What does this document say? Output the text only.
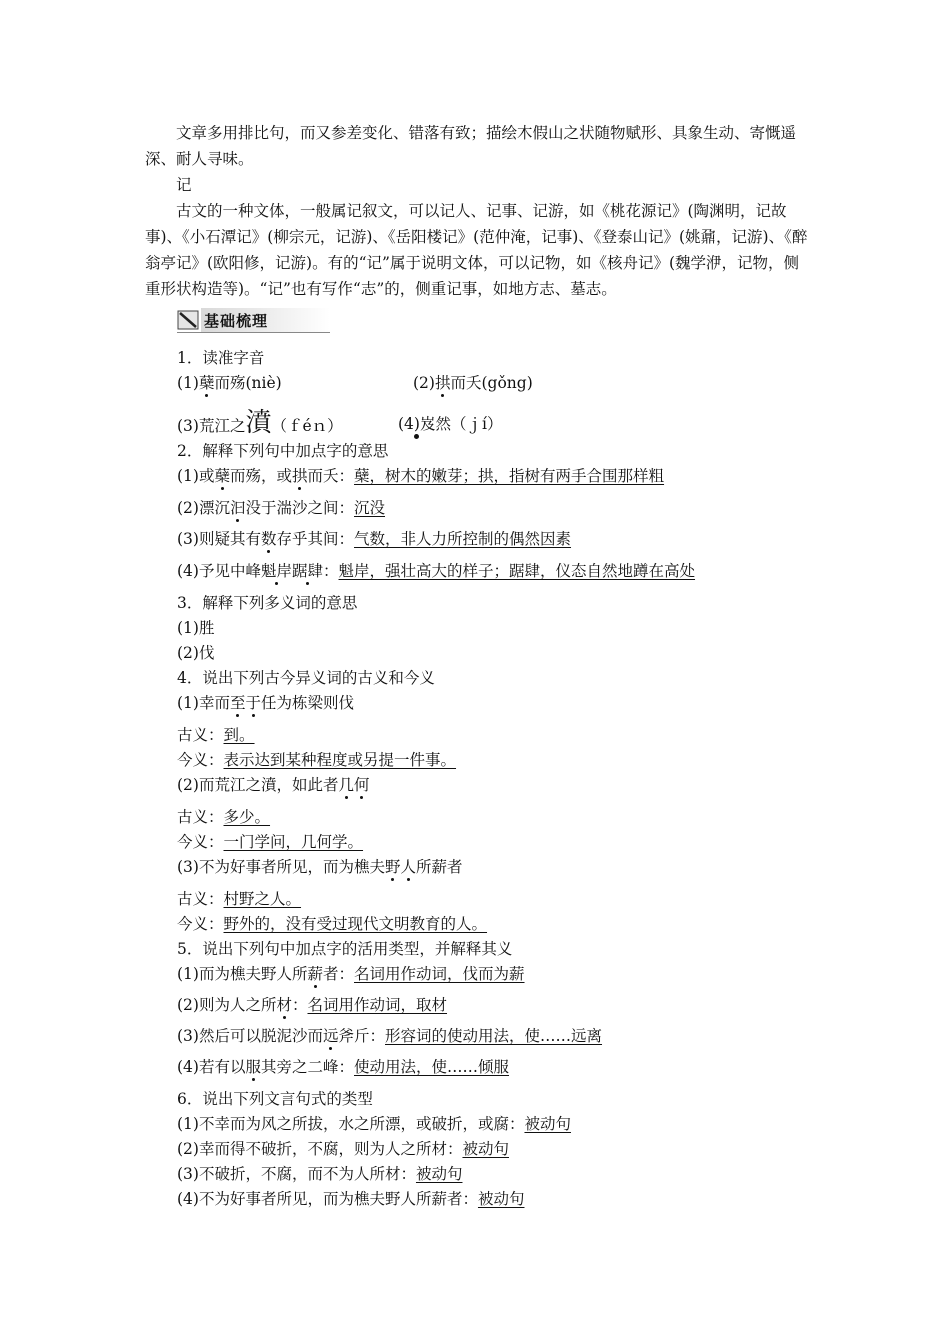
文章多用排比句，而又参差变化、错落有致；描绘木假山之状随物赋形、具象生动、寄慨遥深、耐人寻味。

记

古文的一种文体，一般属记叙文，可以记人、记事、记游，如《桃花源记》(陶渊明，记故事)、《小石潭记》(柳宗元，记游)、《岳阳楼记》(范仲淹，记事)、《登泰山记》(姚鼐，记游)、《醉翁亭记》(欧阳修，记游)。有的“记”属于说明文体，可以记物，如《核舟记》(魏学洢，记物，侧重形状构造等)。“记”也有写作“志”的，侧重记事，如地方志、墓志。

基础梳理
1．读准字音
(1)蘖而殇(niè)	(2)拱而夭(gǒng)
(3)荒江之濆（ｆéｎ）	(4)岌然（ｊí）
2．解释下列句中加点字的意思
(1)或蘖而殇，或拱而夭：蘖，树木的嫩芽；拱，指树有两手合围那样粗
(2)漂沉汩没于湍沙之间：沉没
(3)则疑其有数存乎其间：气数，非人力所控制的偶然因素
(4)予见中峰魁岸踞肆：魁岸，强壮高大的样子；踞肆，仪态自然地蹲在高处
3．解释下列多义词的意思
(1)胜
(2)伐
4．说出下列古今异义词的古义和今义
(1)幸而至于任为栋梁则伐
古义：到。
今义：表示达到某种程度或另提一件事。
(2)而荒江之濆，如此者几何
古义：多少。
今义：一门学问，几何学。
(3)不为好事者所见，而为樵夫野人所薪者
古义：村野之人。
今义：野外的，没有受过现代文明教育的人。
5．说出下列句中加点字的活用类型，并解释其义
(1)而为樵夫野人所薪者：名词用作动词，伐而为薪
(2)则为人之所材：名词用作动词，取材
(3)然后可以脱泥沙而远斧斤：形容词的使动用法，使……远离
(4)若有以服其旁之二峰：使动用法，使……倾服
6．说出下列文言句式的类型
(1)不幸而为风之所拔，水之所漂，或破折，或腐：被动句
(2)幸而得不破折，不腐，则为人之所材：被动句
(3)不破折，不腐，而不为人所材：被动句
(4)不为好事者所见，而为樵夫野人所薪者：被动句
